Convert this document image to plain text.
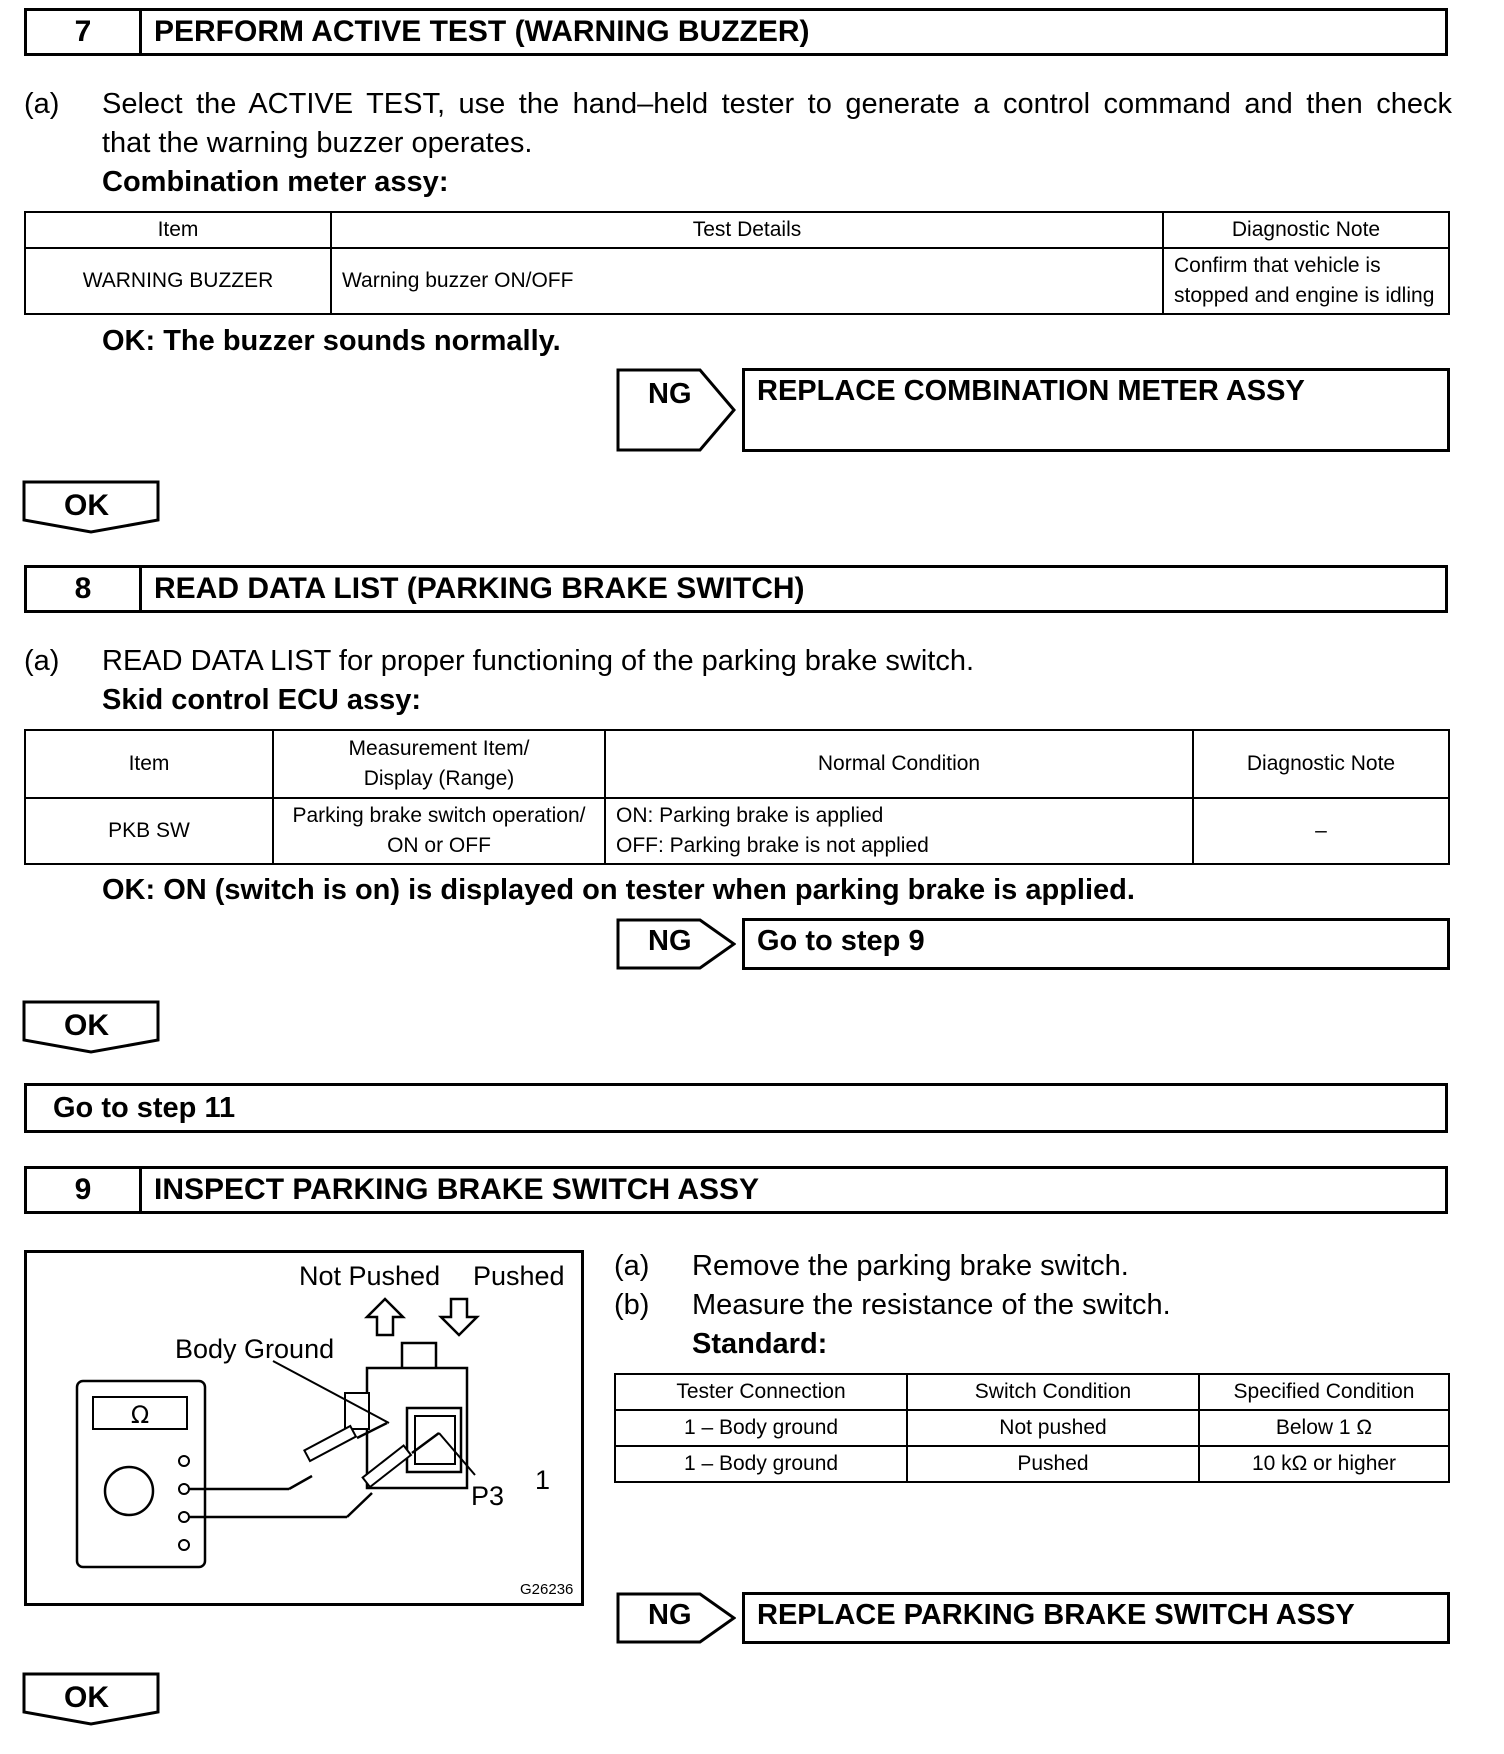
7	PERFORM ACTIVE TEST (WARNING BUZZER)
(a) Select the ACTIVE TEST, use the hand–held tester to generate a control command and then check
that the warning buzzer operates.
Combination meter assy:
Item	Test Details	Diagnostic Note
WARNING BUZZER	Warning buzzer ON/OFF	Confirm that vehicle is
stopped and engine is idling
OK: The buzzer sounds normally.
NG	REPLACE COMBINATION METER ASSY
OK
8	READ DATA LIST (PARKING BRAKE SWITCH)
(a) READ DATA LIST for proper functioning of the parking brake switch.
Skid control ECU assy:
Item	Measurement Item/
Display (Range)	Normal Condition	Diagnostic Note
PKB SW	Parking brake switch operation/
ON or OFF	ON: Parking brake is applied
OFF: Parking brake is not applied	–
OK: ON (switch is on) is displayed on tester when parking brake is applied.
NG	Go to step 9
OK
Go to step 11
9	INSPECT PARKING BRAKE SWITCH ASSY
Ω
Not Pushed Pushed
Body Ground
P3
1
G26236
(a) Remove the parking brake switch.
(b) Measure the resistance of the switch.
Standard:
Tester Connection	Switch Condition	Specified Condition
1 – Body ground	Not pushed	Below 1 Ω
1 – Body ground	Pushed	10 kΩ or higher
NG	REPLACE PARKING BRAKE SWITCH ASSY
OK
